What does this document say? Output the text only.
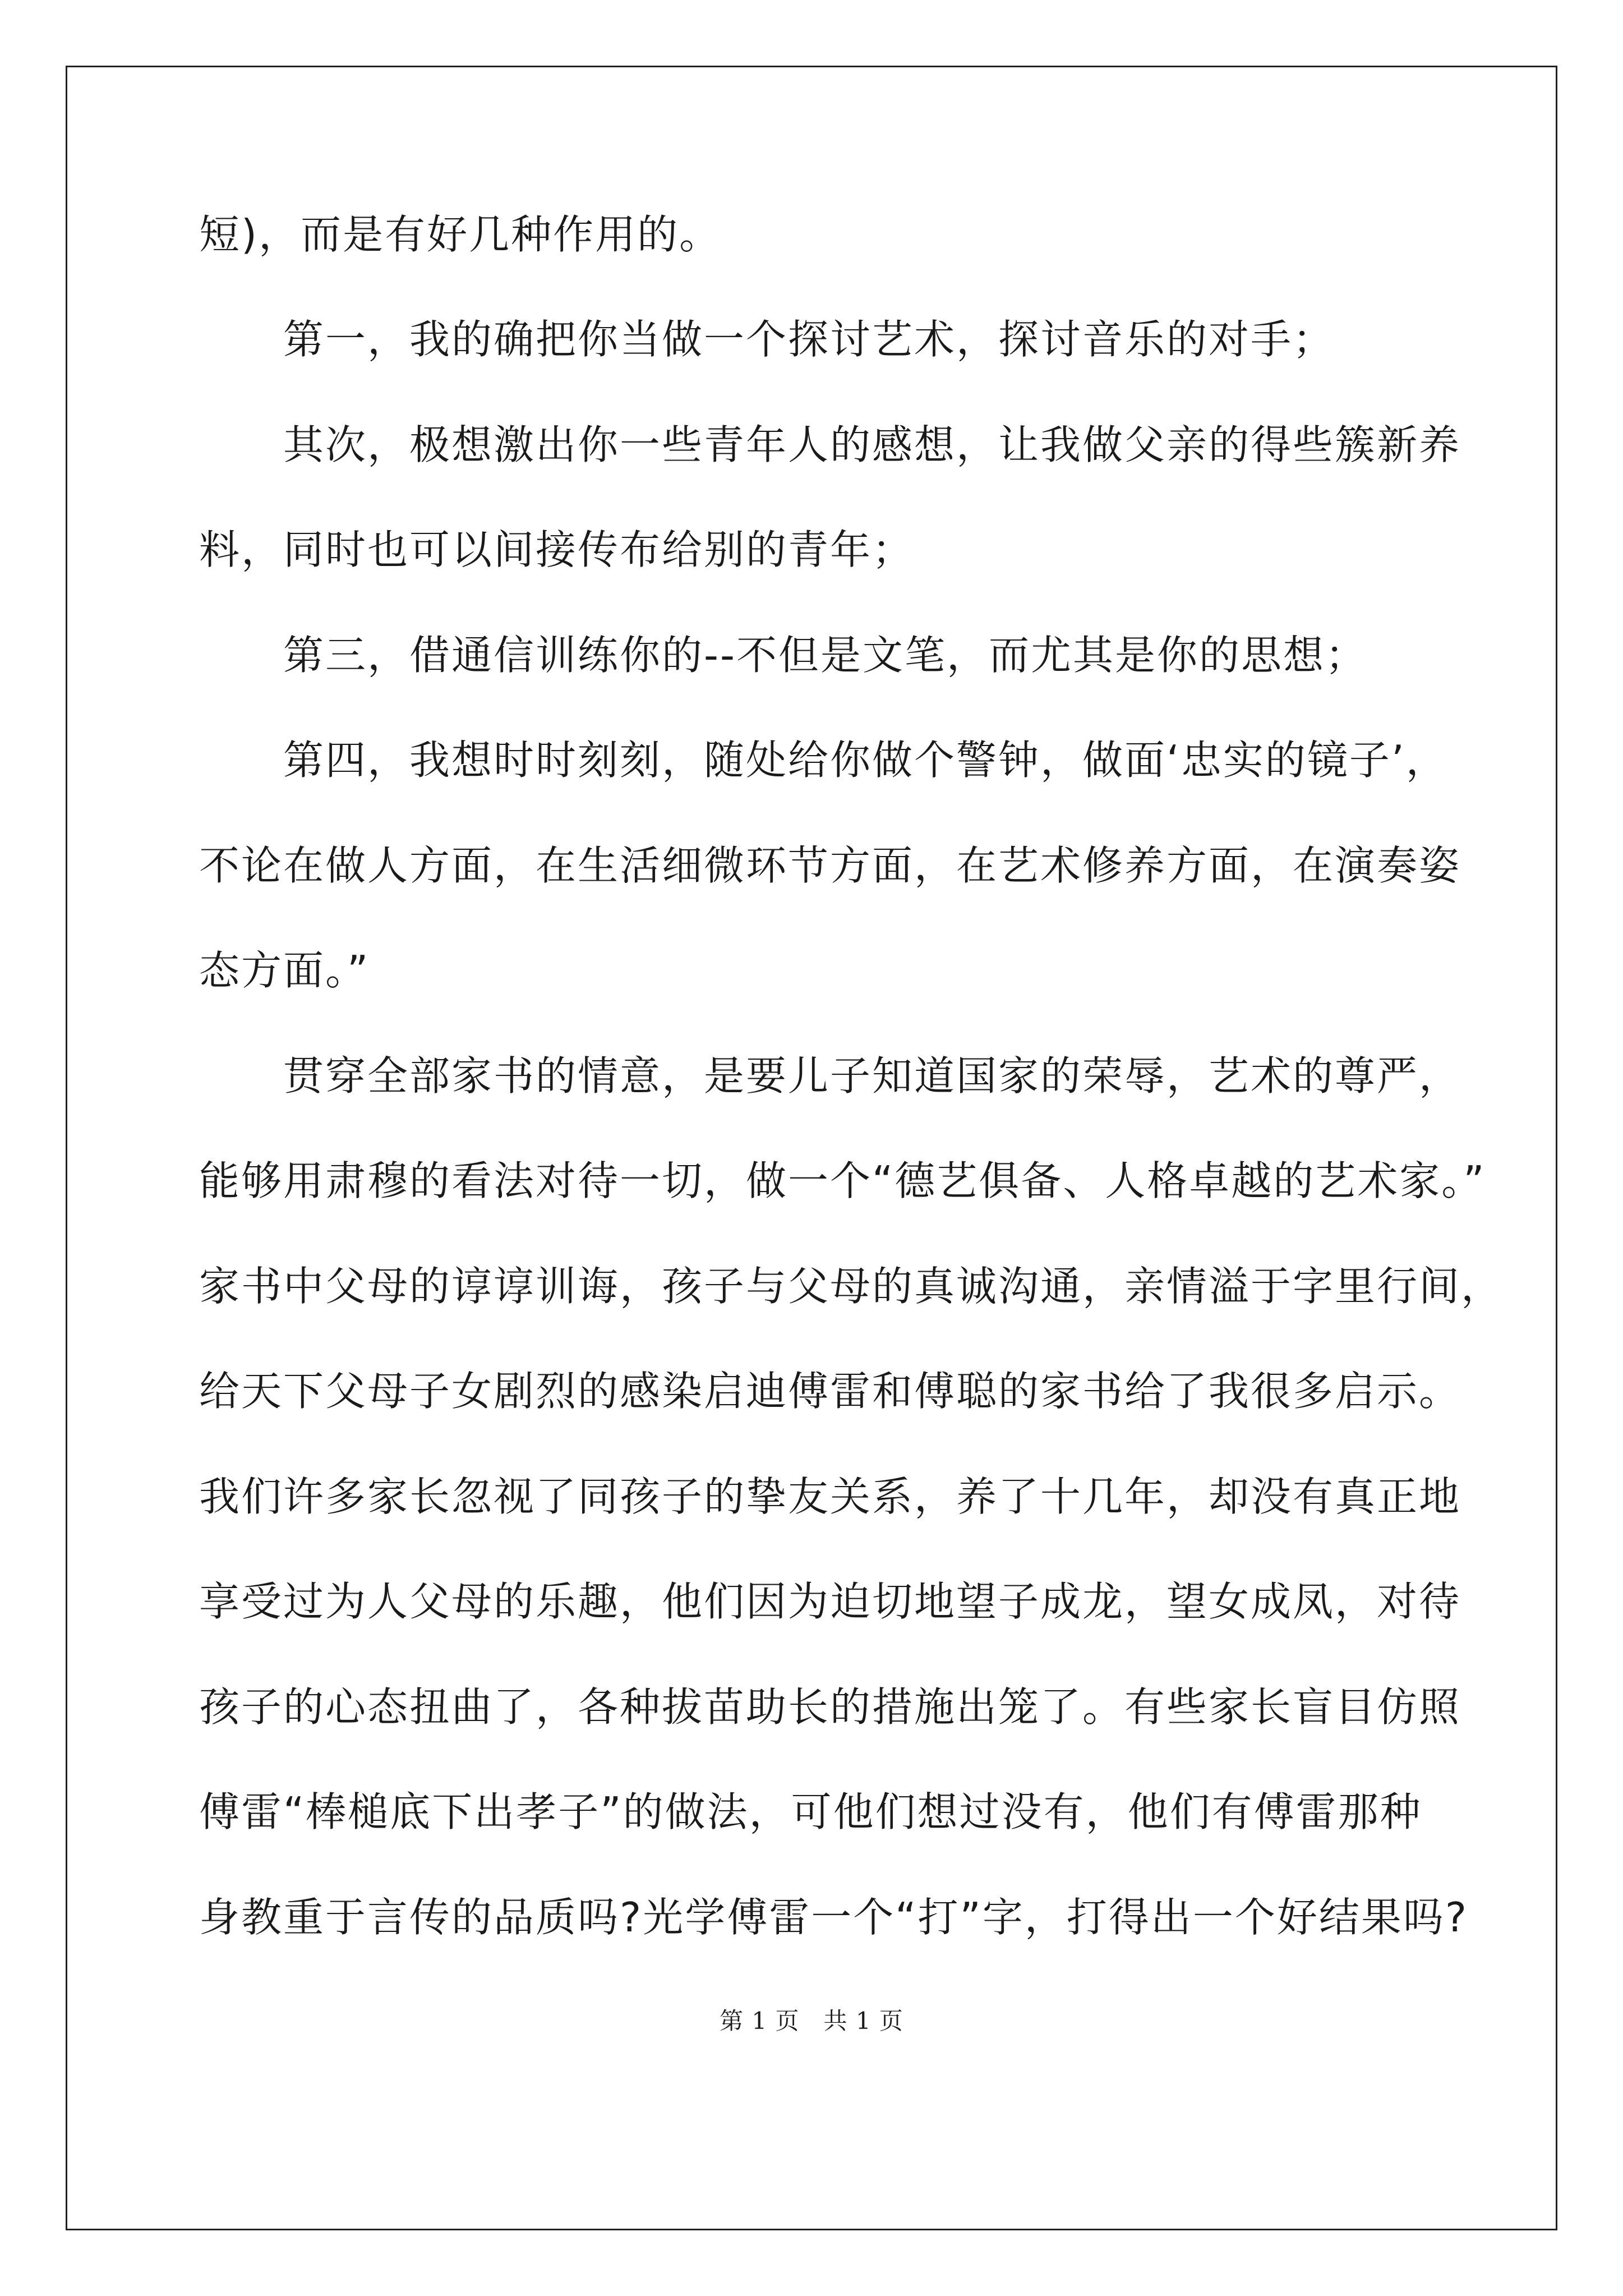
短)，而是有好几种作用的。
　　第一，我的确把你当做一个探讨艺术，探讨音乐的对手；
　　其次，极想激出你一些青年人的感想，让我做父亲的得些簇新养
料，同时也可以间接传布给别的青年；
　　第三，借通信训练你的--不但是文笔，而尤其是你的思想；
　　第四，我想时时刻刻，随处给你做个警钟，做面‘忠实的镜子’，
不论在做人方面，在生活细微环节方面，在艺术修养方面，在演奏姿
态方面。”
　　贯穿全部家书的情意，是要儿子知道国家的荣辱，艺术的尊严，
能够用肃穆的看法对待一切，做一个“德艺俱备、人格卓越的艺术家。”
家书中父母的谆谆训诲，孩子与父母的真诚沟通，亲情溢于字里行间，
给天下父母子女剧烈的感染启迪傅雷和傅聪的家书给了我很多启示。
我们许多家长忽视了同孩子的挚友关系，养了十几年，却没有真正地
享受过为人父母的乐趣，他们因为迫切地望子成龙，望女成凤，对待
孩子的心态扭曲了，各种拔苗助长的措施出笼了。有些家长盲目仿照
傅雷“棒槌底下出孝子”的做法，可他们想过没有，他们有傅雷那种
身教重于言传的品质吗?光学傅雷一个“打”字，打得出一个好结果吗?
第 1 页　共 1 页
